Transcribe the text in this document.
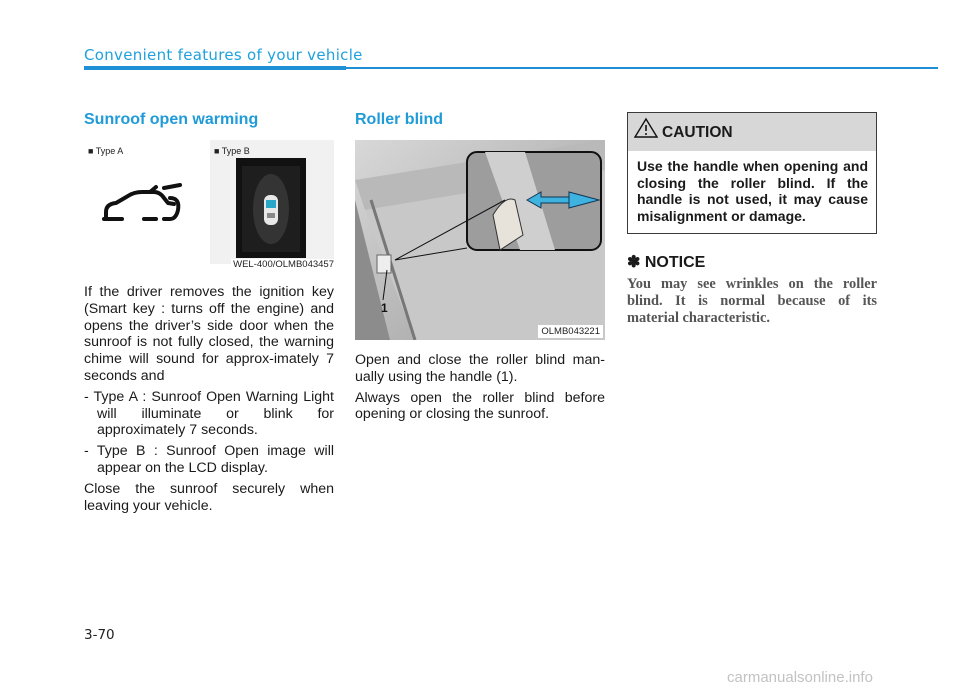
Convenient features of your vehicle
Sunroof open warming
■ Type A	■ Type B
WEL-400/OLMB043457

If the driver removes the ignition key (Smart key : turns off the engine) and opens the driver’s side door when the sunroof is not fully closed, the warning chime will sound for approx-imately 7 seconds and

- Type A : Sunroof Open Warning Light will illuminate or blink for approximately 7 seconds.

- Type B : Sunroof Open image will appear on the LCD display.

Close the sunroof securely when leaving your vehicle.

Roller blind
1
OLMB043221

Open and close the roller blind man-ually using the handle (1).

Always open the roller blind before opening or closing the sunroof.

CAUTION
Use the handle when opening and closing the roller blind. If the handle is not used, it may cause misalignment or damage.
✽ NOTICE
You may see wrinkles on the roller blind. It is normal because of its material characteristic.
3-70
carmanualsonline.info
